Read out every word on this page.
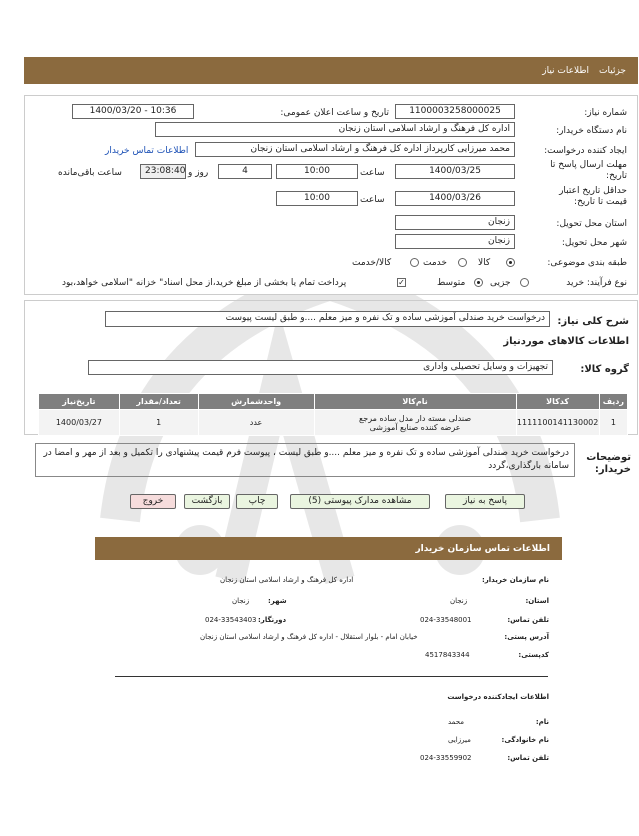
جزئیات
اطلاعات نیاز
شماره نیاز:
1100003258000025
تاریخ و ساعت اعلان عمومی:
1400/03/20 - 10:36
نام دستگاه خریدار:
اداره کل فرهنگ و ارشاد اسلامی استان زنجان
ایجاد کننده درخواست:
محمد میرزایی کارپرداز اداره کل فرهنگ و ارشاد اسلامی استان زنجان
اطلاعات تماس خریدار
مهلت ارسال پاسخ تا تاریخ:
1400/03/25
ساعت
10:00
روز و	4
23:08:40
ساعت باقی‌مانده
حداقل تاریخ اعتبار قیمت تا تاریخ:
1400/03/26
ساعت
10:00
استان محل تحویل:
زنجان
شهر محل تحویل:
زنجان
طبقه بندی موضوعی:
کالا
خدمت
کالا/خدمت
نوع فرآیند: خرید
جزیی
متوسط
✓
پرداخت تمام یا بخشی از مبلغ خرید،از محل اسناد" خزانه "اسلامی خواهد،بود
شرح کلی نیاز:
درخواست خرید صندلی آموزشی ساده و تک نفره و میز معلم ....و طبق لیست پیوست
اطلاعات کالاهای موردنیاز
گروه کالا:
تجهیزات و وسایل تحصیلی واداری
ردیف	کدکالا	نام‌کالا	واحدشمارش	تعداد/مقدار	تاریخ‌نیاز
1	1111100141130002	صندلی مسته دار مدل ساده مرجع
عرضه کننده صنایع آموزشی	عدد	1	1400/03/27
توضیحات
خریدار:
درخواست خرید صندلی آموزشی ساده و تک نفره و میز معلم ....و طبق لیست ، پیوست فرم قیمت پیشنهادی را تکمیل و بعد از مهر و امضا در سامانه بارگذاری،گردد
پاسخ به نیاز
مشاهده مدارک پیوستی (5)
چاپ
بازگشت
خروج
اطلاعات تماس سازمان خریدار
نام سازمان خریدار:
اداره کل فرهنگ و ارشاد اسلامی استان زنجان
استان:
زنجان
شهر:
زنجان
تلفن تماس:
024-33548001
دورنگار:
024-33543403
آدرس پستی:
خیابان امام - بلوار استقلال - اداره کل فرهنگ و ارشاد اسلامی استان زنجان
کدپستی:
4517843344
اطلاعات ایجادکننده درخواست
نام:
محمد
نام خانوادگی:
میرزایی
تلفن تماس:
024-33559902
